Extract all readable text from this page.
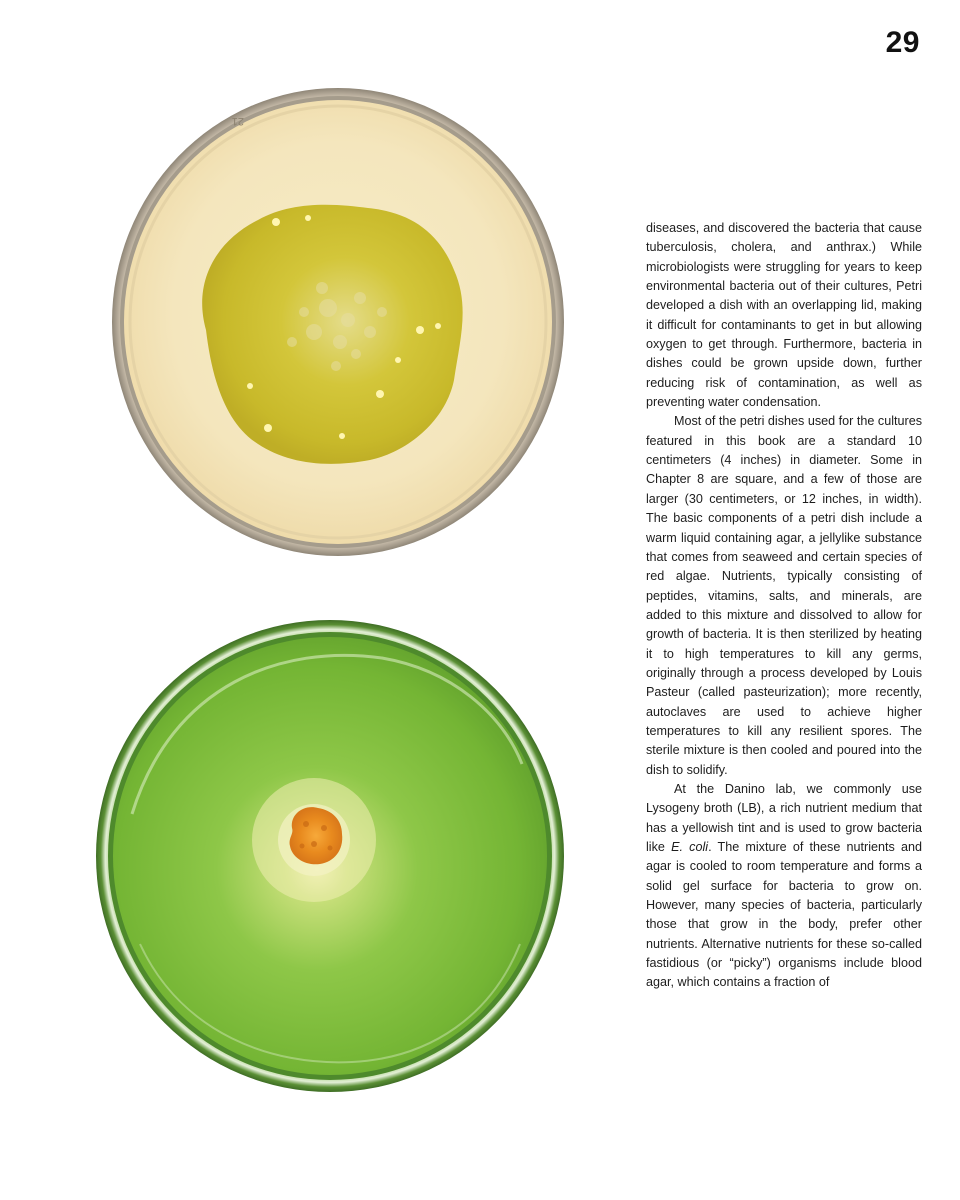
29
21

diseases, and discovered the bacteria that cause tuberculosis, cholera, and anthrax.) While microbiologists were struggling for years to keep environmental bacteria out of their cultures, Petri developed a dish with an overlapping lid, making it difficult for contaminants to get in but allowing oxygen to get through. Furthermore, bacteria in dishes could be grown upside down, further reducing risk of contamination, as well as preventing water condensation.

Most of the petri dishes used for the cultures featured in this book are a standard 10 centimeters (4 inches) in diameter. Some in Chapter 8 are square, and a few of those are larger (30 centimeters, or 12 inches, in width). The basic components of a petri dish include a warm liquid containing agar, a jellylike substance that comes from seaweed and certain species of red algae. Nutrients, typically consisting of peptides, vitamins, salts, and minerals, are added to this mixture and dissolved to allow for growth of bacteria. It is then sterilized by heating it to high temperatures to kill any germs, originally through a process developed by Louis Pasteur (called pasteurization); more recently, autoclaves are used to achieve higher temperatures to kill any resilient spores. The sterile mixture is then cooled and poured into the dish to solidify.

At the Danino lab, we commonly use Lysogeny broth (LB), a rich nutrient medium that has a yellowish tint and is used to grow bacteria like E. coli. The mixture of these nutrients and agar is cooled to room temperature and forms a solid gel surface for bacteria to grow on. However, many species of bacteria, particularly those that grow in the body, prefer other nutrients. Alternative nutrients for these so-called fastidious (or “picky”) organisms include blood agar, which contains a fraction of
